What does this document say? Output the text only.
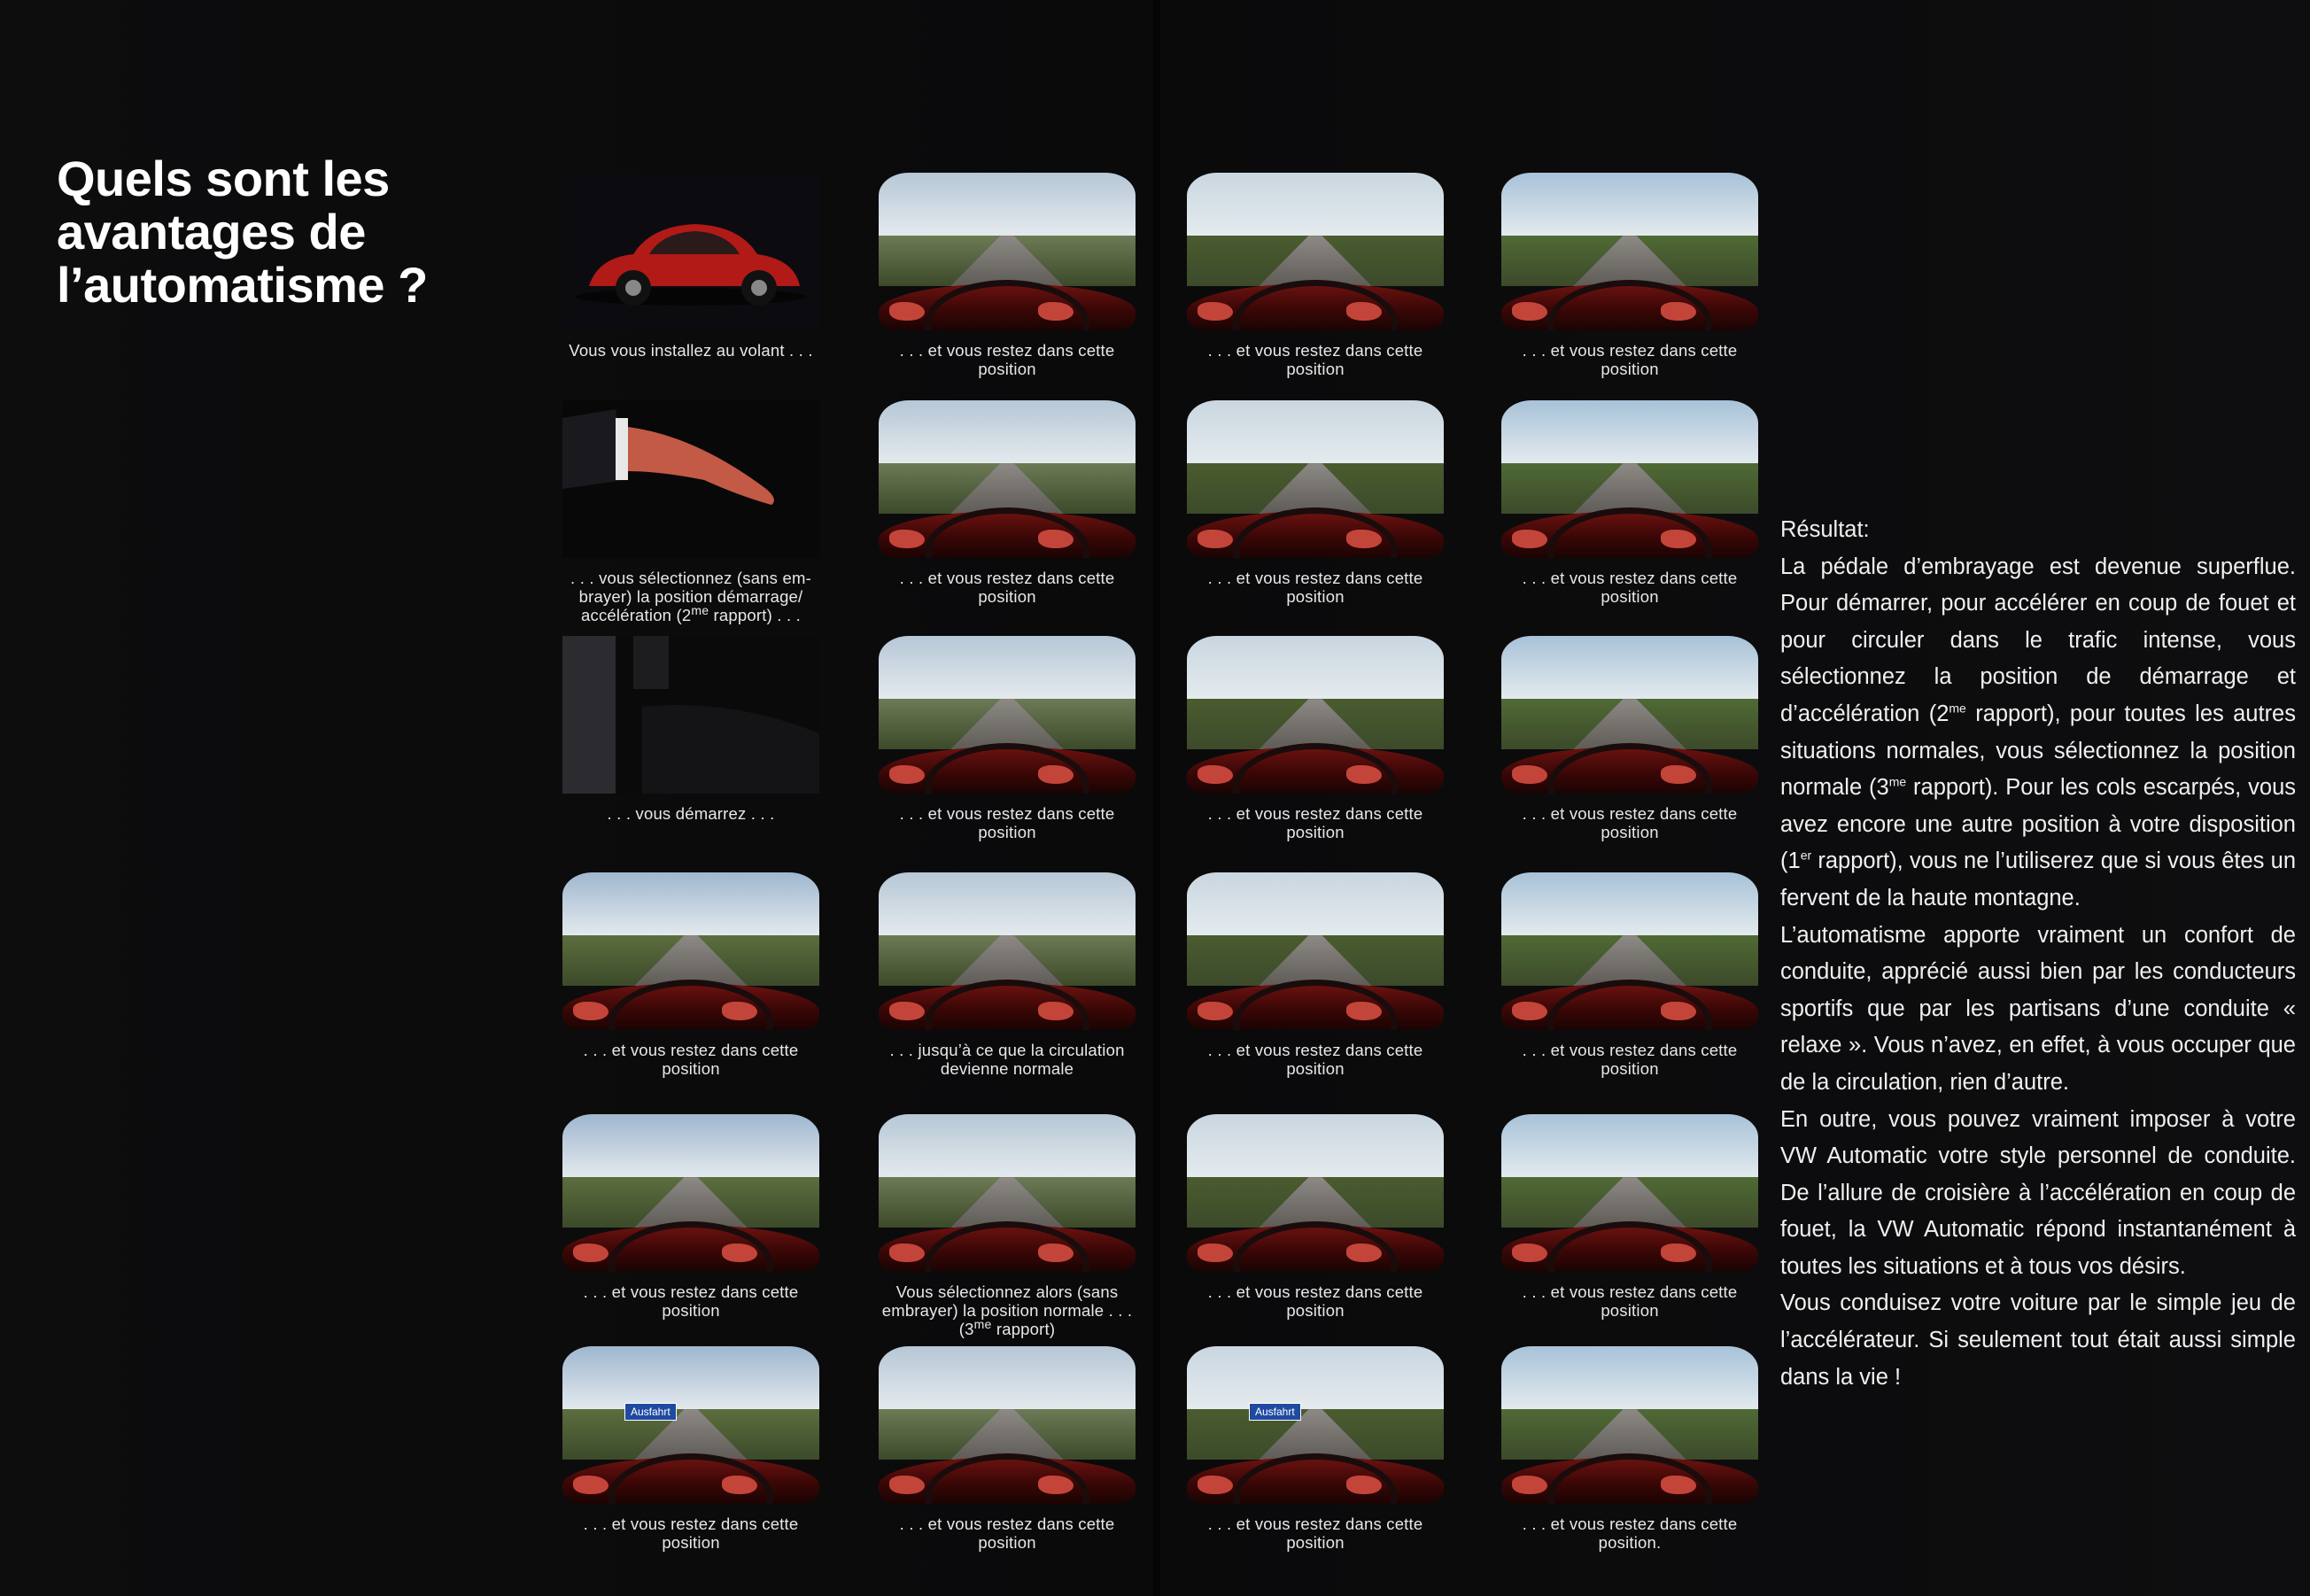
Quels sont les avantages de l’automatisme ?
Vous vous installez au volant . . .	. . . et vous restez dans cette position
. . . et vous restez dans cette position
. . . et vous restez dans cette position
. . . vous sélectionnez (sans em-brayer) la position démarrage/ accélération ($2^{me}$ rapport) . . .
. . . et vous restez dans cette position
. . . et vous restez dans cette position
. . . et vous restez dans cette position
. . . vous démarrez . . .	. . . et vous restez dans cette position
. . . et vous restez dans cette position
. . . et vous restez dans cette position
. . . et vous restez dans cette position
. . . jusqu’à ce que la circulation devienne normale
. . . et vous restez dans cette position
. . . et vous restez dans cette position
. . . et vous restez dans cette position
Vous sélectionnez alors (sans embrayer) la position normale . . . ($3^{me}$ rapport)
. . . et vous restez dans cette position
. . . et vous restez dans cette position
Ausfahrt
. . . et vous restez dans cette position
. . . et vous restez dans cette position
Ausfahrt
. . . et vous restez dans cette position
. . . et vous restez dans cette position.

Résultat:

La pédale d’embrayage est devenue superflue. Pour démarrer, pour accélérer en coup de fouet et pour circuler dans le trafic intense, vous sélectionnez la position de démarrage et d’accélération ($2^{me}$ rapport), pour toutes les autres situations normales, vous sélectionnez la position normale ($3^{me}$ rapport). Pour les cols escarpés, vous avez encore une autre position à votre disposition (1er rapport), vous ne l’utiliserez que si vous êtes un fervent de la haute montagne.

L’automatisme apporte vraiment un confort de conduite, apprécié aussi bien par les conducteurs sportifs que par les partisans d’une conduite « relaxe ». Vous n’avez, en effet, à vous occuper que de la circulation, rien d’autre.

En outre, vous pouvez vraiment imposer à votre VW Automatic votre style personnel de conduite. De l’allure de croisière à l’accélération en coup de fouet, la VW Automatic répond instantanément à toutes les situations et à tous vos désirs.

Vous conduisez votre voiture par le simple jeu de l’accélérateur. Si seulement tout était aussi simple dans la vie !
